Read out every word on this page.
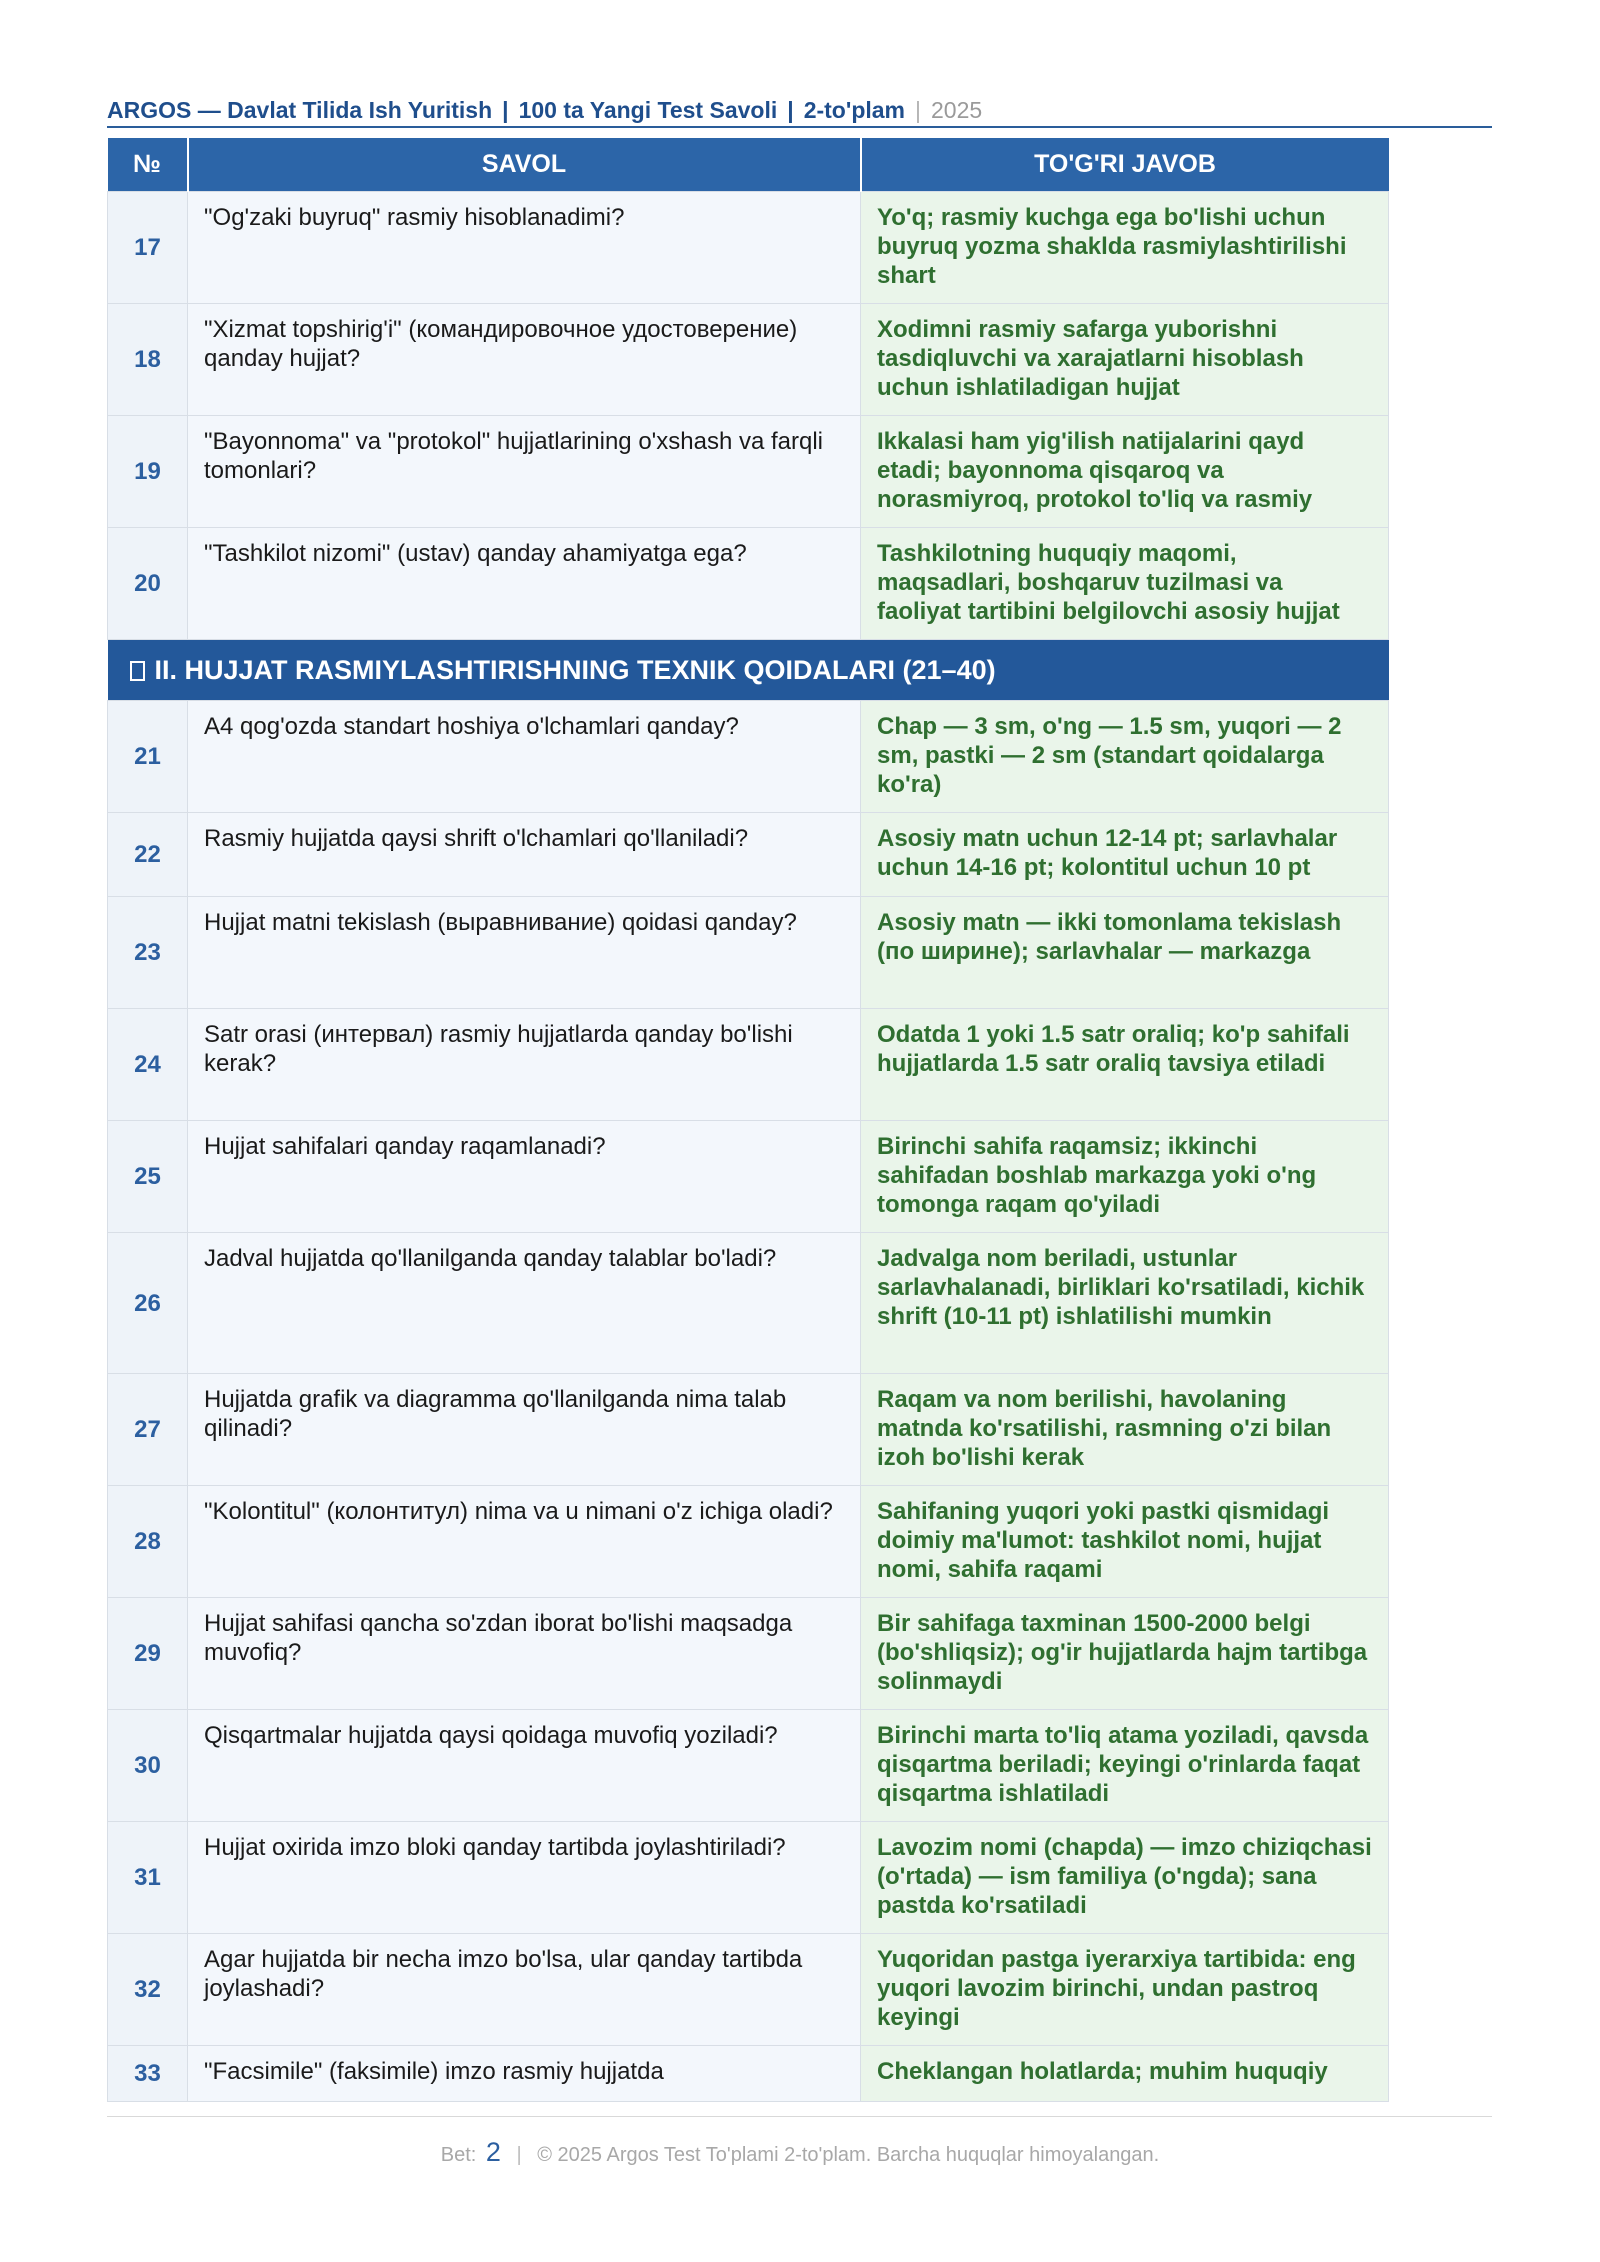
ARGOS — Davlat Tilida Ish Yuritish | 100 ta Yangi Test Savoli | 2-to'plam | 2025
№	SAVOL	TO'G'RI JAVOB
17	"Og'zaki buyruq" rasmiy hisoblanadimi?	Yo'q; rasmiy kuchga ega bo'lishi uchun buyruq yozma shaklda rasmiylashtirilishi shart
18	"Xizmat topshirig'i" (командировочное удостоверение) qanday hujjat?	Xodimni rasmiy safarga yuborishni tasdiqluvchi va xarajatlarni hisoblash uchun ishlatiladigan hujjat
19	"Bayonnoma" va "protokol" hujjatlarining o'xshash va farqli tomonlari?	Ikkalasi ham yig'ilish natijalarini qayd etadi; bayonnoma qisqaroq va norasmiyroq, protokol to'liq va rasmiy
20	"Tashkilot nizomi" (ustav) qanday ahamiyatga ega?	Tashkilotning huquqiy maqomi, maqsadlari, boshqaruv tuzilmasi va faoliyat tartibini belgilovchi asosiy hujjat
II. HUJJAT RASMIYLASHTIRISHNING TEXNIK QOIDALARI (21–40)		
21	A4 qog'ozda standart hoshiya o'lchamlari qanday?	Chap — 3 sm, o'ng — 1.5 sm, yuqori — 2 sm, pastki — 2 sm (standart qoidalarga ko'ra)
22	Rasmiy hujjatda qaysi shrift o'lchamlari qo'llaniladi?	Asosiy matn uchun 12-14 pt; sarlavhalar uchun 14-16 pt; kolontitul uchun 10 pt
23	Hujjat matni tekislash (выравнивание) qoidasi qanday?	Asosiy matn — ikki tomonlama tekislash (по ширине); sarlavhalar — markazga
24	Satr orasi (интервал) rasmiy hujjatlarda qanday bo'lishi kerak?	Odatda 1 yoki 1.5 satr oraliq; ko'p sahifali hujjatlarda 1.5 satr oraliq tavsiya etiladi
25	Hujjat sahifalari qanday raqamlanadi?	Birinchi sahifa raqamsiz; ikkinchi sahifadan boshlab markazga yoki o'ng tomonga raqam qo'yiladi
26	Jadval hujjatda qo'llanilganda qanday talablar bo'ladi?	Jadvalga nom beriladi, ustunlar sarlavhalanadi, birliklari ko'rsatiladi, kichik shrift (10-11 pt) ishlatilishi mumkin
27	Hujjatda grafik va diagramma qo'llanilganda nima talab qilinadi?	Raqam va nom berilishi, havolaning matnda ko'rsatilishi, rasmning o'zi bilan izoh bo'lishi kerak
28	"Kolontitul" (колонтитул) nima va u nimani o'z ichiga oladi?	Sahifaning yuqori yoki pastki qismidagi doimiy ma'lumot: tashkilot nomi, hujjat nomi, sahifa raqami
29	Hujjat sahifasi qancha so'zdan iborat bo'lishi maqsadga muvofiq?	Bir sahifaga taxminan 1500-2000 belgi (bo'shliqsiz); og'ir hujjatlarda hajm tartibga solinmaydi
30	Qisqartmalar hujjatda qaysi qoidaga muvofiq yoziladi?	Birinchi marta to'liq atama yoziladi, qavsda qisqartma beriladi; keyingi o'rinlarda faqat qisqartma ishlatiladi
31	Hujjat oxirida imzo bloki qanday tartibda joylashtiriladi?	Lavozim nomi (chapda) — imzo chiziqchasi (o'rtada) — ism familiya (o'ngda); sana pastda ko'rsatiladi
32	Agar hujjatda bir necha imzo bo'lsa, ular qanday tartibda joylashadi?	Yuqoridan pastga iyerarxiya tartibida: eng yuqori lavozim birinchi, undan pastroq keyingi
33	"Facsimile" (faksimile) imzo rasmiy hujjatda	Cheklangan holatlarda; muhim huquqiy
Bet: 2 | © 2025 Argos Test To'plami 2-to'plam. Barcha huquqlar himoyalangan.
